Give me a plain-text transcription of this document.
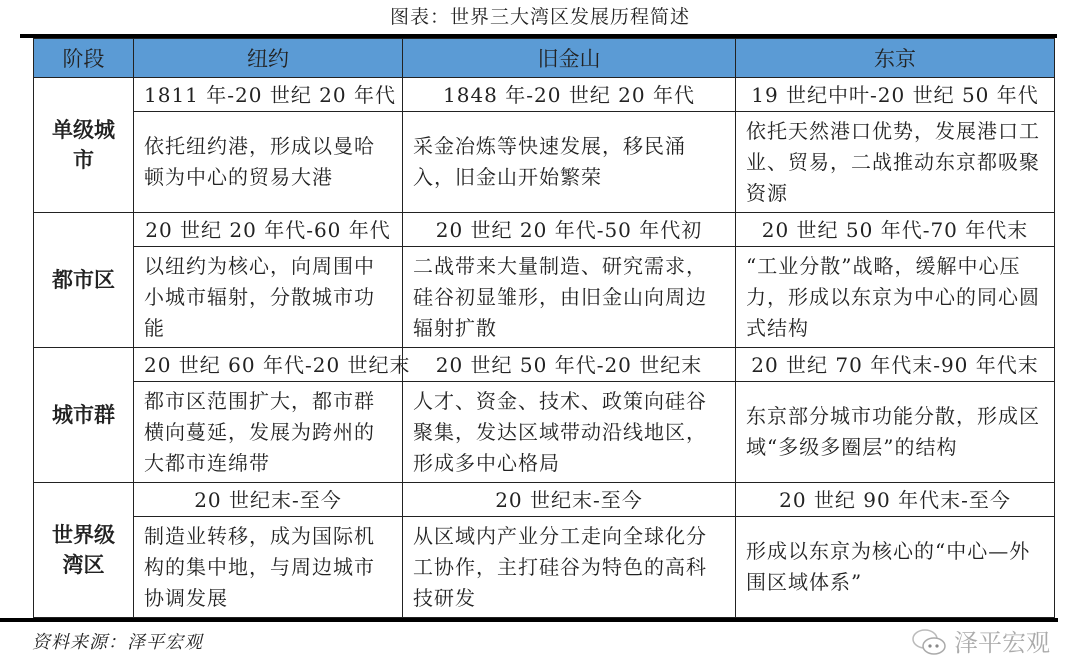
图表：世界三大湾区发展历程简述
阶段	纽约	旧金山	东京
单级城市	1811 年-20 世纪 20 年代	1848 年-20 世纪 20 年代	19 世纪中叶-20 世纪 50 年代
	依托纽约港，形成以曼哈顿为中心的贸易大港	采金冶炼等快速发展，移民涌入，旧金山开始繁荣	依托天然港口优势，发展港口工业、贸易，二战推动东京都吸聚资源
都市区	20 世纪 20 年代-60 年代	20 世纪 20 年代-50 年代初	20 世纪 50 年代-70 年代末
	以纽约为核心，向周围中小城市辐射，分散城市功能	二战带来大量制造、研究需求，硅谷初显雏形，由旧金山向周边辐射扩散	“工业分散”战略，缓解中心压力，形成以东京为中心的同心圆式结构
城市群	20 世纪 60 年代-20 世纪末	20 世纪 50 年代-20 世纪末	20 世纪 70 年代末-90 年代末
	都市区范围扩大，都市群横向蔓延，发展为跨州的大都市连绵带	人才、资金、技术、政策向硅谷聚集，发达区域带动沿线地区，形成多中心格局	东京部分城市功能分散，形成区域“多级多圈层”的结构
世界级湾区	20 世纪末-至今	20 世纪末-至今	20 世纪 90 年代末-至今
	制造业转移，成为国际机构的集中地，与周边城市协调发展	从区域内产业分工走向全球化分工协作，主打硅谷为特色的高科技研发	形成以东京为核心的“中心—外围区域体系”
资料来源：泽平宏观	泽平宏观
